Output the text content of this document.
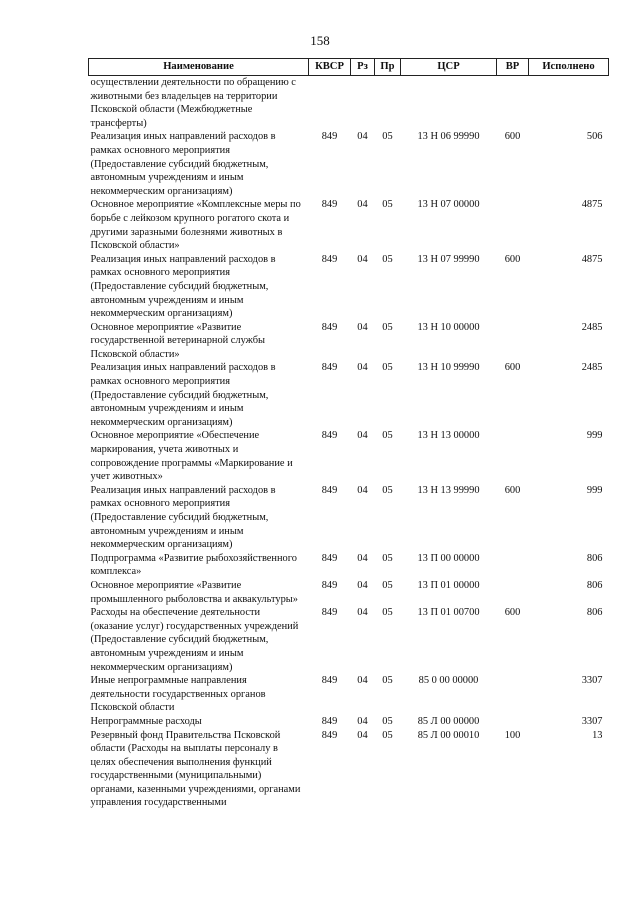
158
Наименование	КВСР	Рз	Пр	ЦСР	ВР	Исполнено
осуществлении деятельности по обращению с животными без владельцев на территории Псковской области (Межбюджетные трансферты)						
Реализация иных направлений расходов в рамках основного мероприятия (Предоставление субсидий бюджетным, автономным учреждениям и иным некоммерческим организациям)	849	04	05	13 Н 06 99990	600	506
Основное мероприятие «Комплексные меры по борьбе с лейкозом крупного рогатого скота и другими заразными болезнями животных в Псковской области»	849	04	05	13 Н 07 00000		4875
Реализация иных направлений расходов в рамках основного мероприятия (Предоставление субсидий бюджетным, автономным учреждениям и иным некоммерческим организациям)	849	04	05	13 Н 07 99990	600	4875
Основное мероприятие «Развитие государственной ветеринарной службы Псковской области»	849	04	05	13 Н 10 00000		2485
Реализация иных направлений расходов в рамках основного мероприятия (Предоставление субсидий бюджетным, автономным учреждениям и иным некоммерческим организациям)	849	04	05	13 Н 10 99990	600	2485
Основное мероприятие «Обеспечение маркирования, учета животных и сопровождение программы «Маркирование и учет животных»	849	04	05	13 Н 13 00000		999
Реализация иных направлений расходов в рамках основного мероприятия (Предоставление субсидий бюджетным, автономным учреждениям и иным некоммерческим организациям)	849	04	05	13 Н 13 99990	600	999
Подпрограмма «Развитие рыбохозяйственного комплекса»	849	04	05	13 П 00 00000		806
Основное мероприятие «Развитие промышленного рыболовства и аквакультуры»	849	04	05	13 П 01 00000		806
Расходы на обеспечение деятельности (оказание услуг) государственных учреждений (Предоставление субсидий бюджетным, автономным учреждениям и иным некоммерческим организациям)	849	04	05	13 П 01 00700	600	806
Иные непрограммные направления деятельности государственных органов Псковской области	849	04	05	85 0 00 00000		3307
Непрограммные расходы	849	04	05	85 Л 00 00000		3307
Резервный фонд Правительства Псковской области (Расходы на выплаты персоналу в целях обеспечения выполнения функций государственными (муниципальными) органами, казенными учреждениями, органами управления государственными	849	04	05	85 Л 00 00010	100	13
